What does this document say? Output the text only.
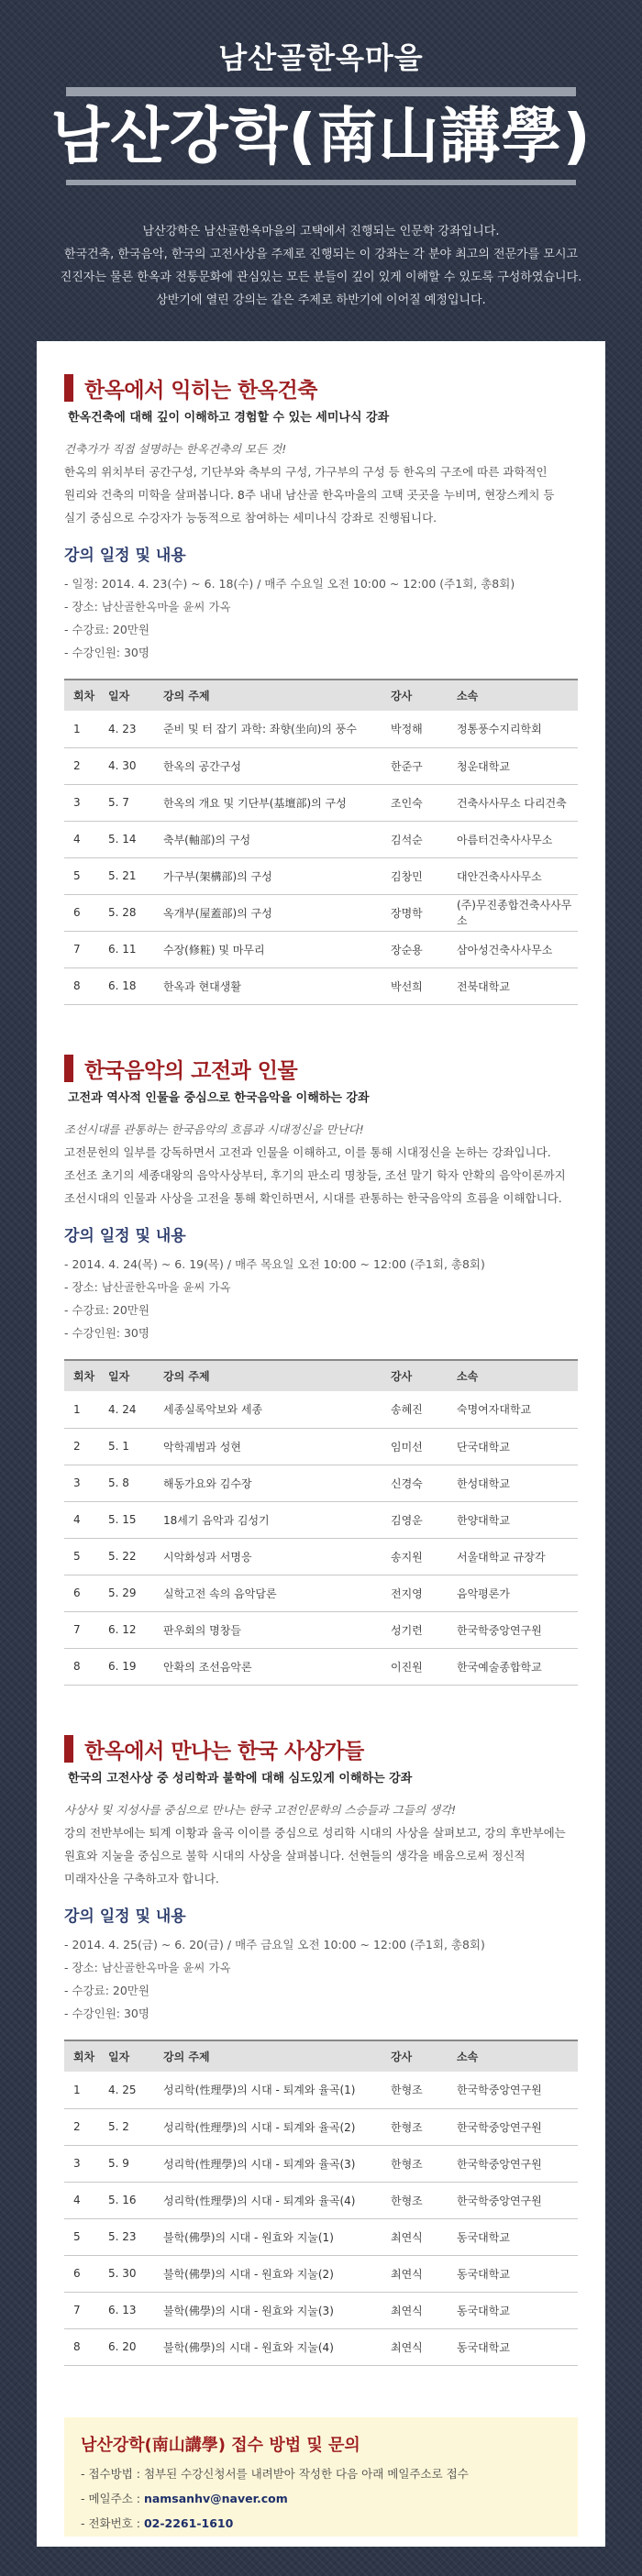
남산골한옥마을
남산강학(南山講學)
남산강학은 남산골한옥마을의 고택에서 진행되는 인문학 강좌입니다.
한국건축, 한국음악, 한국의 고전사상을 주제로 진행되는 이 강좌는 각 분야 최고의 전문가를 모시고
진진자는 물론 한옥과 전통문화에 관심있는 모든 분들이 깊이 있게 이해할 수 있도록 구성하였습니다.
상반기에 열린 강의는 같은 주제로 하반기에 이어질 예정입니다.
한옥에서 익히는 한옥건축
한옥건축에 대해 깊이 이해하고 경험할 수 있는 세미나식 강좌
건축가가 직접 설명하는 한옥건축의 모든 것!
한옥의 위치부터 공간구성, 기단부와 축부의 구성, 가구부의 구성 등 한옥의 구조에 따른 과학적인
원리와 건축의 미학을 살펴봅니다. 8주 내내 남산골 한옥마을의 고택 곳곳을 누비며, 현장스케치 등
실기 중심으로 수강자가 능동적으로 참여하는 세미나식 강좌로 진행됩니다.
강의 일정 및 내용
- 일정: 2014. 4. 23(수) ~ 6. 18(수) / 매주 수요일 오전 10:00 ~ 12:00 (주1회, 총8회)
- 장소: 남산골한옥마을 윤씨 가옥
- 수강료: 20만원
- 수강인원: 30명
회차	일자	강의 주제	강사	소속
1	4. 23	준비 및 터 잡기 과학: 좌향(坐向)의 풍수	박정해	정통풍수지리학회
2	4. 30	한옥의 공간구성	한준구	청운대학교
3	5. 7	한옥의 개요 및 기단부(基壇部)의 구성	조인숙	건축사사무소 다리건축
4	5. 14	축부(軸部)의 구성	김석순	아름터건축사사무소
5	5. 21	가구부(架構部)의 구성	김창민	대안건축사사무소
6	5. 28	옥개부(屋蓋部)의 구성	장명학	(주)무진종합건축사사무소
7	6. 11	수장(修粧) 및 마무리	장순용	삼아성건축사사무소
8	6. 18	한옥과 현대생활	박선희	전북대학교
한국음악의 고전과 인물
고전과 역사적 인물을 중심으로 한국음악을 이해하는 강좌
조선시대를 관통하는 한국음악의 흐름과 시대정신을 만난다!
고전문헌의 일부를 강독하면서 고전과 인물을 이해하고, 이를 통해 시대정신을 논하는 강좌입니다.
조선조 초기의 세종대왕의 음악사상부터, 후기의 판소리 명창들, 조선 말기 학자 안확의 음악이론까지
조선시대의 인물과 사상을 고전을 통해 확인하면서, 시대를 관통하는 한국음악의 흐름을 이해합니다.
강의 일정 및 내용
- 2014. 4. 24(목) ~ 6. 19(목) / 매주 목요일 오전 10:00 ~ 12:00 (주1회, 총8회)
- 장소: 남산골한옥마을 윤씨 가옥
- 수강료: 20만원
- 수강인원: 30명
회차	일자	강의 주제	강사	소속
1	4. 24	세종실록악보와 세종	송혜진	숙명여자대학교
2	5. 1	악학궤범과 성현	임미선	단국대학교
3	5. 8	해동가요와 김수장	신경숙	한성대학교
4	5. 15	18세기 음악과 김성기	김영운	한양대학교
5	5. 22	시악화성과 서명응	송지원	서울대학교 규장각
6	5. 29	실학고전 속의 음악담론	전지영	음악평론가
7	6. 12	판우회의 명창들	성기련	한국학중앙연구원
8	6. 19	안확의 조선음악론	이진원	한국예술종합학교
한옥에서 만나는 한국 사상가들
한국의 고전사상 중 성리학과 불학에 대해 심도있게 이해하는 강좌
사상사 및 지성사를 중심으로 만나는 한국 고전인문학의 스승들과 그들의 생각!
강의 전반부에는 퇴계 이황과 율곡 이이를 중심으로 성리학 시대의 사상을 살펴보고, 강의 후반부에는
원효와 지눌을 중심으로 불학 시대의 사상을 살펴봅니다. 선현들의 생각을 배움으로써 정신적
미래자산을 구축하고자 합니다.
강의 일정 및 내용
- 2014. 4. 25(금) ~ 6. 20(금) / 매주 금요일 오전 10:00 ~ 12:00 (주1회, 총8회)
- 장소: 남산골한옥마을 윤씨 가옥
- 수강료: 20만원
- 수강인원: 30명
회차	일자	강의 주제	강사	소속
1	4. 25	성리학(性理學)의 시대 - 퇴계와 율곡(1)	한형조	한국학중앙연구원
2	5. 2	성리학(性理學)의 시대 - 퇴계와 율곡(2)	한형조	한국학중앙연구원
3	5. 9	성리학(性理學)의 시대 - 퇴계와 율곡(3)	한형조	한국학중앙연구원
4	5. 16	성리학(性理學)의 시대 - 퇴계와 율곡(4)	한형조	한국학중앙연구원
5	5. 23	불학(佛學)의 시대 - 원효와 지눌(1)	최연식	동국대학교
6	5. 30	불학(佛學)의 시대 - 원효와 지눌(2)	최연식	동국대학교
7	6. 13	불학(佛學)의 시대 - 원효와 지눌(3)	최연식	동국대학교
8	6. 20	불학(佛學)의 시대 - 원효와 지눌(4)	최연식	동국대학교
남산강학(南山講學) 접수 방법 및 문의
- 접수방법 : 첨부된 수강신청서를 내려받아 작성한 다음 아래 메일주소로 접수
- 메일주소 : namsanhv@naver.com
- 전화번호 : 02-2261-1610
